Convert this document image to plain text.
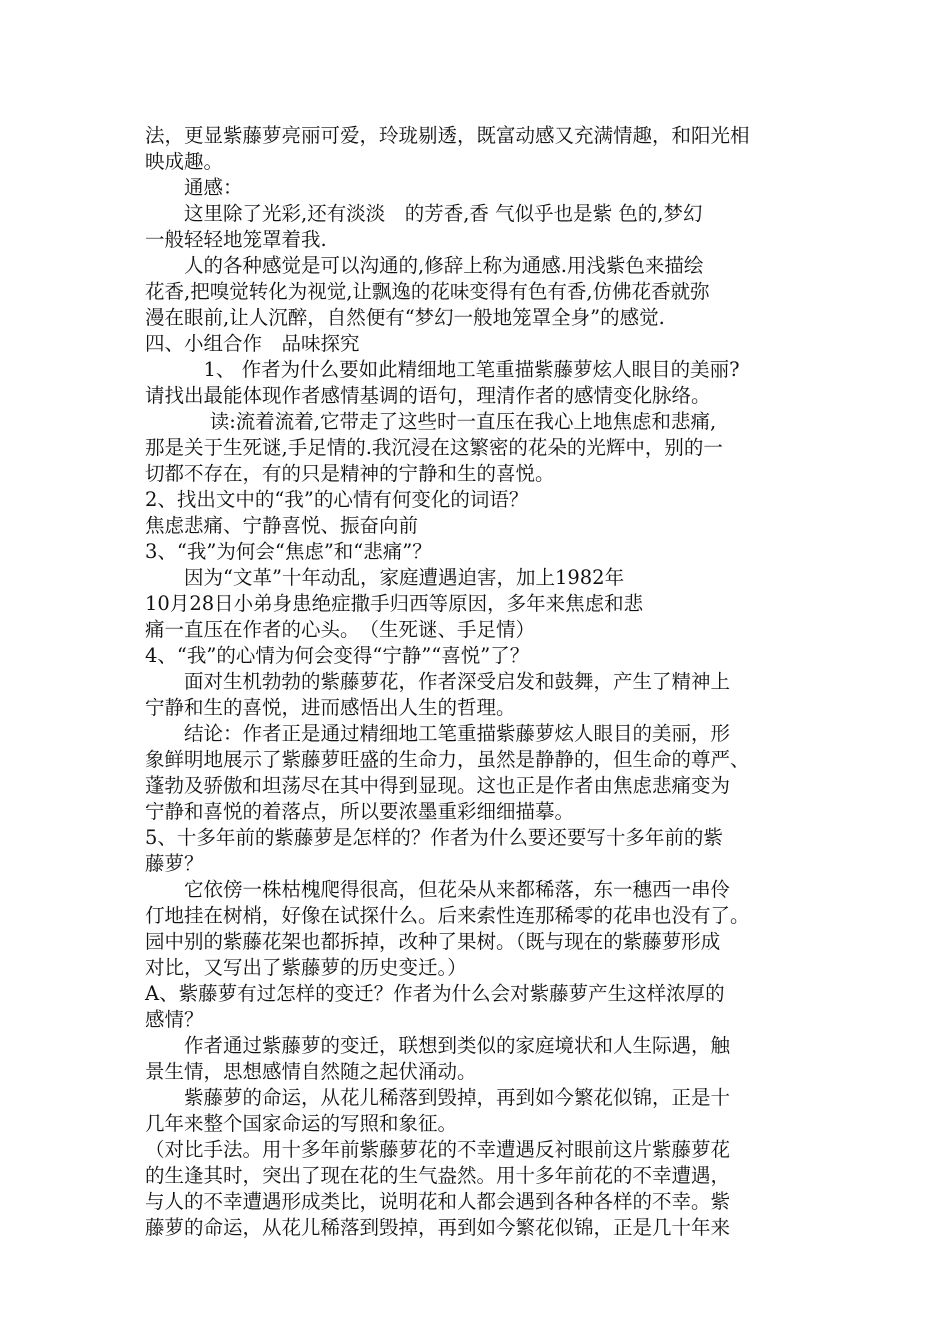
法，更显紫藤萝亮丽可爱，玲珑剔透，既富动感又充满情趣，和阳光相
映成趣。
　　通感：
　　这里除了光彩,还有淡淡　的芳香,香 气似乎也是紫 色的,梦幻
一般轻轻地笼罩着我.
　　人的各种感觉是可以沟通的,修辞上称为通感.用浅紫色来描绘
花香,把嗅觉转化为视觉,让飘逸的花味变得有色有香,仿佛花香就弥
漫在眼前,让人沉醉，自然便有“梦幻一般地笼罩全身”的感觉.
四、小组合作　品味探究
　　　1、 作者为什么要如此精细地工笔重描紫藤萝炫人眼目的美丽?
请找出最能体现作者感情基调的语句，理清作者的感情变化脉络。
　　　 读:流着流着,它带走了这些时一直压在我心上地焦虑和悲痛,
那是关于生死谜,手足情的.我沉浸在这繁密的花朵的光辉中，别的一
切都不存在，有的只是精神的宁静和生的喜悦。
2、找出文中的“我”的心情有何变化的词语？
焦虑悲痛、宁静喜悦、振奋向前
3、“我”为何会“焦虑”和“悲痛”？
　　因为“文革”十年动乱，家庭遭遇迫害，加上1982年
10月28日小弟身患绝症撒手归西等原因，多年来焦虑和悲
痛一直压在作者的心头。　（生死谜、手足情）
4、“我”的心情为何会变得“宁静”“喜悦”了？
　　面对生机勃勃的紫藤萝花，作者深受启发和鼓舞，产生了精神上
宁静和生的喜悦，进而感悟出人生的哲理。
　　结论：作者正是通过精细地工笔重描紫藤萝炫人眼目的美丽，形
象鲜明地展示了紫藤萝旺盛的生命力，虽然是静静的，但生命的尊严、
蓬勃及骄傲和坦荡尽在其中得到显现。这也正是作者由焦虑悲痛变为
宁静和喜悦的着落点，所以要浓墨重彩细细描摹。
5、十多年前的紫藤萝是怎样的？作者为什么要还要写十多年前的紫
藤萝？
　　它依傍一株枯槐爬得很高，但花朵从来都稀落，东一穗西一串伶
仃地挂在树梢，好像在试探什么。后来索性连那稀零的花串也没有了。
园中别的紫藤花架也都拆掉，改种了果树。（既与现在的紫藤萝形成
对比，又写出了紫藤萝的历史变迁。）
A、紫藤萝有过怎样的变迁？作者为什么会对紫藤萝产生这样浓厚的
感情？
　　作者通过紫藤萝的变迁，联想到类似的家庭境状和人生际遇，触
景生情，思想感情自然随之起伏涌动。
　　紫藤萝的命运，从花儿稀落到毁掉，再到如今繁花似锦，正是十
几年来整个国家命运的写照和象征。
（对比手法。用十多年前紫藤萝花的不幸遭遇反衬眼前这片紫藤萝花
的生逢其时，突出了现在花的生气盎然。用十多年前花的不幸遭遇，
与人的不幸遭遇形成类比，说明花和人都会遇到各种各样的不幸。紫
藤萝的命运，从花儿稀落到毁掉，再到如今繁花似锦，正是几十年来
